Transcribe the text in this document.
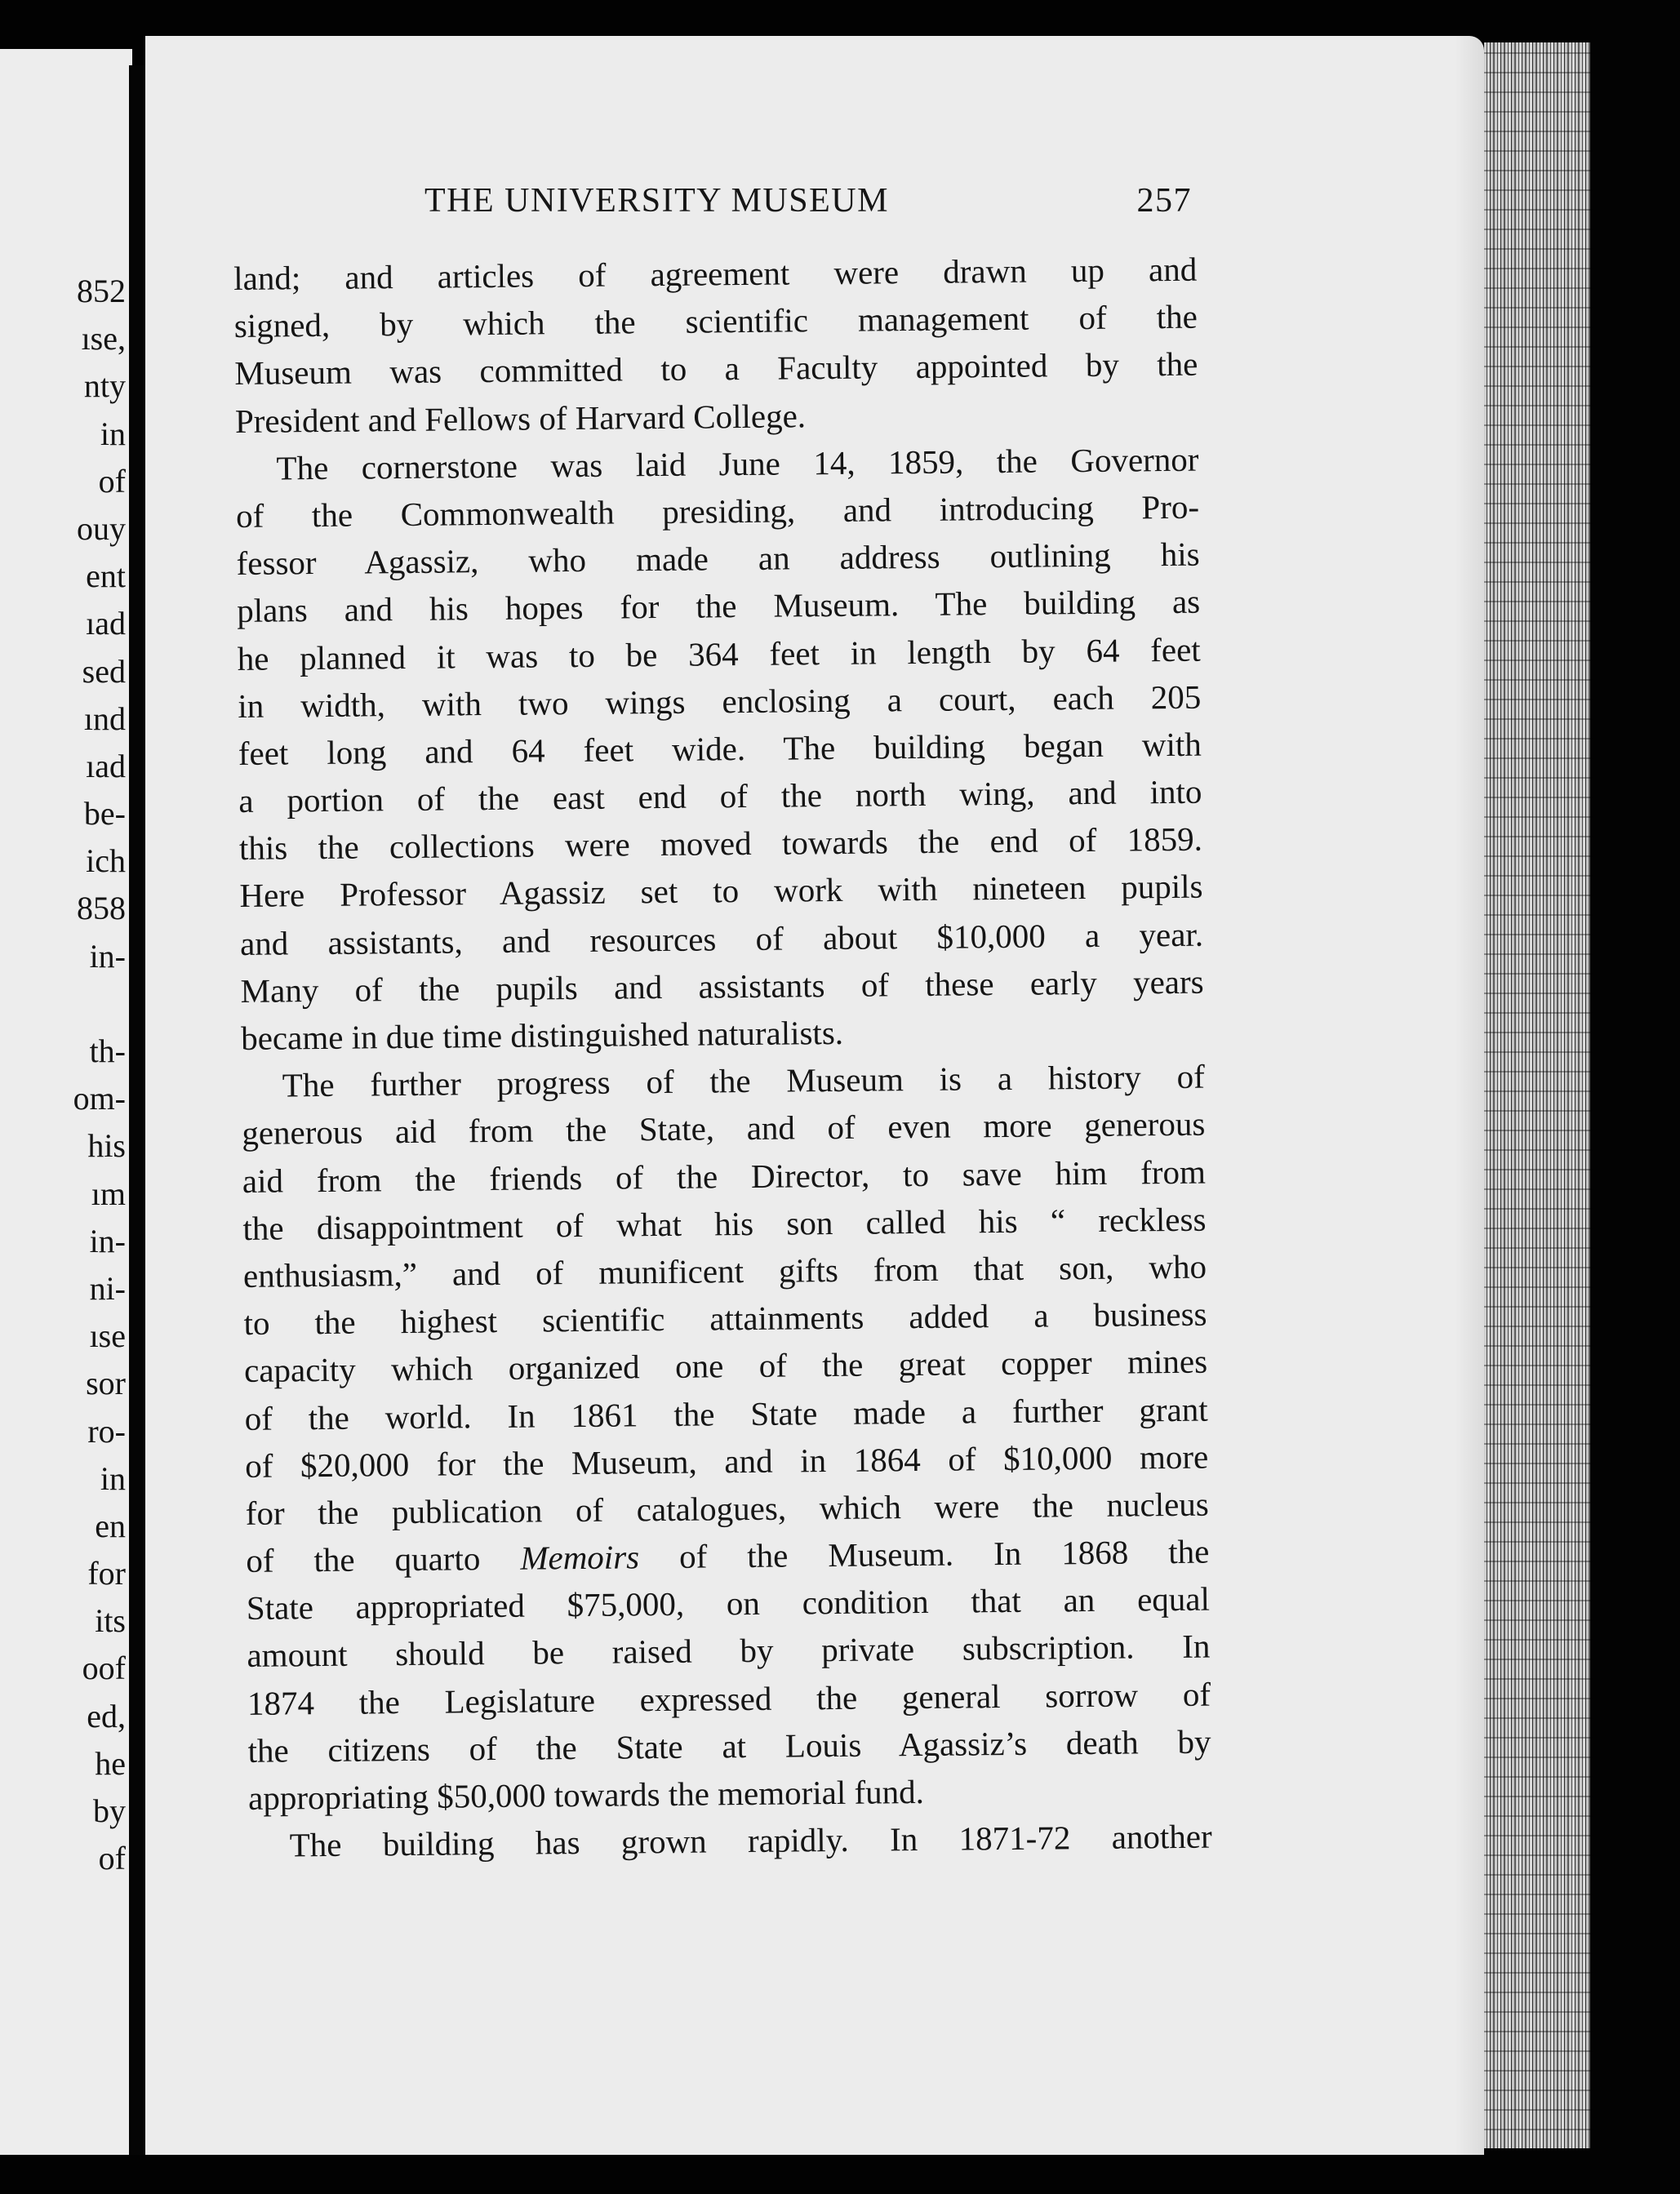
852
ıse,
nty
in
of
ouy
ent
ıad
sed
ınd
ıad
be-
ich
858
in-
th-
om-
his
ım
in-
ni-
ıse
sor
ro-
in
en
for
its
oof
ed,
he
by
of
THE UNIVERSITY MUSEUM	257
land; and articles of agreement were drawn up and
signed, by which the scientific management of the
Museum was committed to a Faculty appointed by the
President and Fellows of Harvard College.
The cornerstone was laid June 14, 1859, the Governor
of the Commonwealth presiding, and introducing Pro-
fessor Agassiz, who made an address outlining his
plans and his hopes for the Museum. The building as
he planned it was to be 364 feet in length by 64 feet
in width, with two wings enclosing a court, each 205
feet long and 64 feet wide. The building began with
a portion of the east end of the north wing, and into
this the collections were moved towards the end of 1859.
Here Professor Agassiz set to work with nineteen pupils
and assistants, and resources of about $10,000 a year.
Many of the pupils and assistants of these early years
became in due time distinguished naturalists.
The further progress of the Museum is a history of
generous aid from the State, and of even more generous
aid from the friends of the Director, to save him from
the disappointment of what his son called his “ reckless
enthusiasm,” and of munificent gifts from that son, who
to the highest scientific attainments added a business
capacity which organized one of the great copper mines
of the world. In 1861 the State made a further grant
of $20,000 for the Museum, and in 1864 of $10,000 more
for the publication of catalogues, which were the nucleus
of the quarto Memoirs of the Museum. In 1868 the
State appropriated $75,000, on condition that an equal
amount should be raised by private subscription. In
1874 the Legislature expressed the general sorrow of
the citizens of the State at Louis Agassiz’s death by
appropriating $50,000 towards the memorial fund.
The building has grown rapidly. In 1871-72 another
